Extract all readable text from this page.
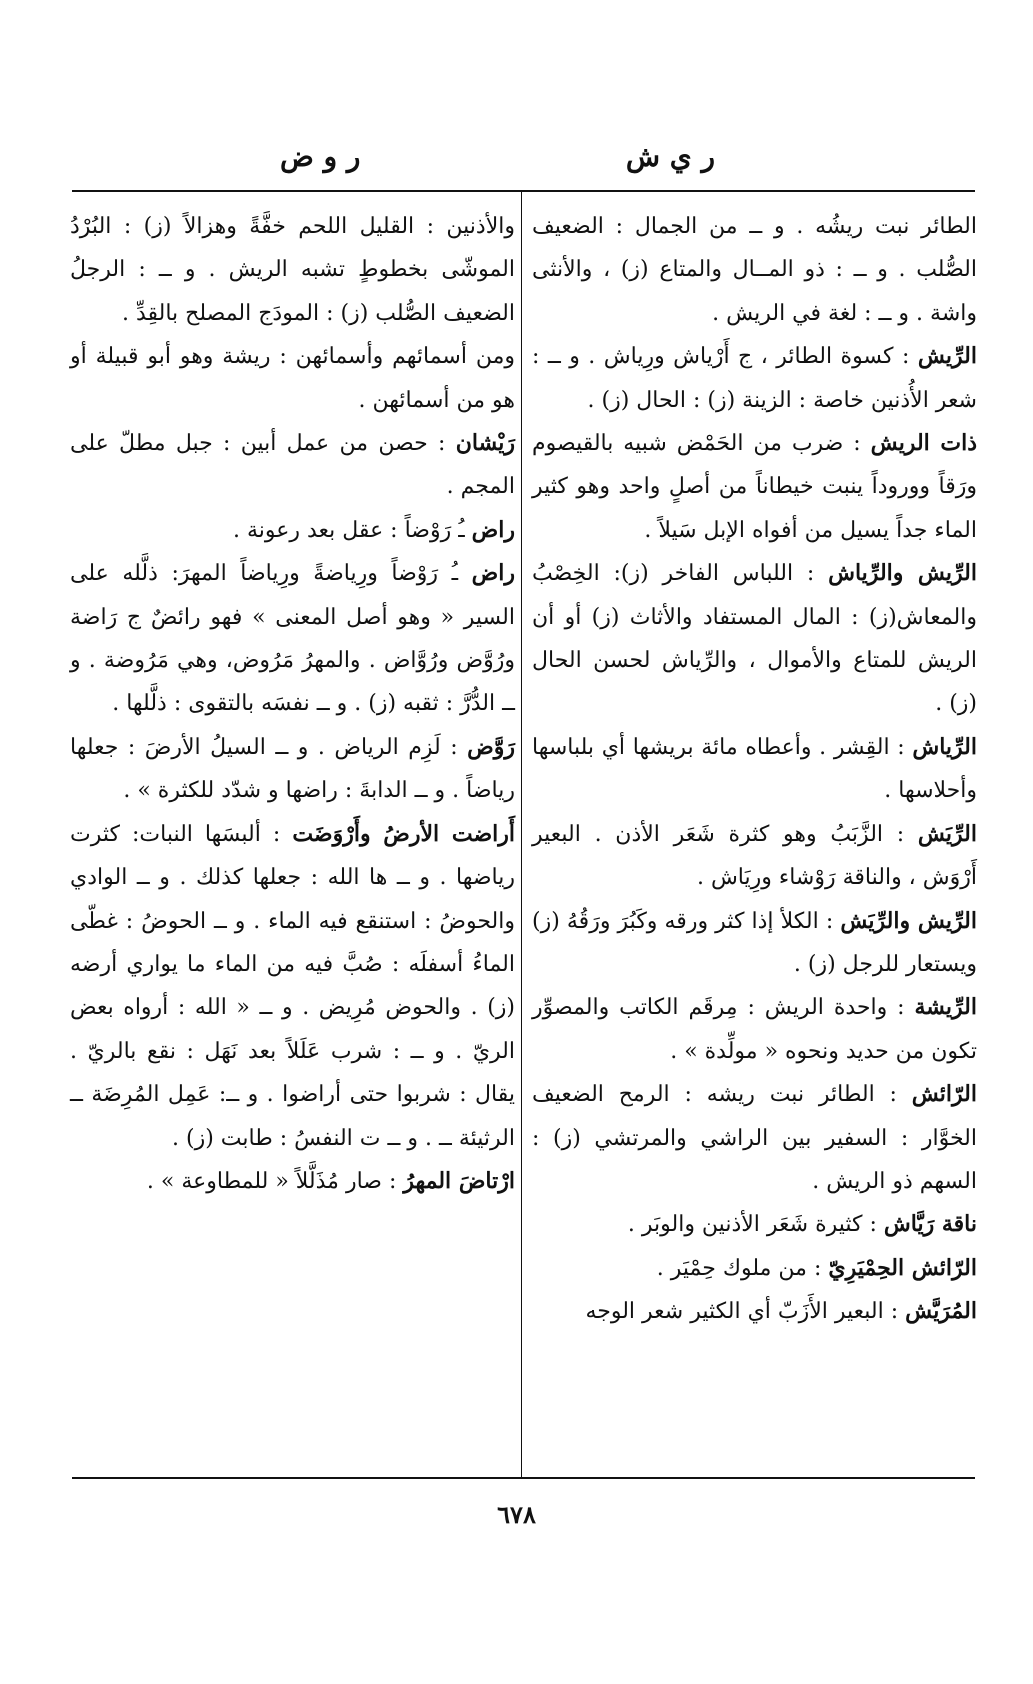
ر ي ش
ر و ض

الطائر نبت ريشُه . و ــ من الجمال : الضعيف الصُّلب . و ــ : ذو المــال والمتاع (ز) ، والأنثى واشة . و ــ : لغة في الريش .

الرِّيش : كسوة الطائر ، ج أَرْياش ورِياش . و ــ : شعر الأُذنين خاصة : الزينة (ز) : الحال (ز) .

ذات الريش : ضرب من الحَمْض شبيه بالقيصوم ورَقاً ووروداً ينبت خيطاناً من أصلٍ واحد وهو كثير الماء جداً يسيل من أفواه الإبل سَيلاً .

الرِّيش والرِّياش : اللباس الفاخر (ز): الخِصْبُ والمعاش(ز) : المال المستفاد والأثاث (ز) أو أن الريش للمتاع والأموال ، والرِّياش لحسن الحال (ز) .

الرِّياش : القِشر . وأعطاه مائة بريشها أي بلباسها وأحلاسها .

الرِّيَش : الزَّبَبُ وهو كثرة شَعَر الأذن . البعير أَرْوَش ، والناقة رَوْشاء ورِيَاش .

الرِّيش والرِّيَش : الكلأ إذا كثر ورقه وكَبُرَ ورَقُهُ (ز) ويستعار للرجل (ز) .

الرِّيشة : واحدة الريش : مِرقَم الكاتب والمصوِّر تكون من حديد ونحوه « مولِّدة » .

الرّائش : الطائر نبت ريشه : الرمح الضعيف الخوَّار : السفير بين الراشي والمرتشي (ز) : السهم ذو الريش .

ناقة رَيَّاش : كثيرة شَعَر الأذنين والوبَر .

الرّائش الحِمْيَرِيّ : من ملوك حِمْيَر .

المُرَيَّش : البعير الأَزَبّ أي الكثير شعر الوجه

والأذنين : القليل اللحم خفَّةً وهزالاً (ز) : البُرْدُ الموشّى بخطوطٍ تشبه الريش . و ــ : الرجلُ الضعيف الصُّلب (ز) : المودَج المصلح بالقِدِّ .

ومن أسمائهم وأسمائهن : ريشة وهو أبو قبيلة أو هو من أسمائهن .

رَيْشان : حصن من عمل أبين : جبل مطلّ على المجم .

راض ـُ رَوْضاً : عقل بعد رعونة .

راض ـُ رَوْضاً ورِياضةً ورِياضاً المهرَ: ذلَّله على السير « وهو أصل المعنى » فهو رائضٌ ج رَاضة ورُوَّض ورُوَّاض . والمهرُ مَرُوض، وهي مَرُوضة . و ــ الدُّرَّ : ثقبه (ز) . و ــ نفسَه بالتقوى : ذلَّلها .

رَوَّض : لَزِم الرياض . و ــ السيلُ الأرضَ : جعلها رياضاً . و ــ الدابةَ : راضها و شدّد للكثرة » .

أَراضت الأرضُ وأَرْوَضَت : ألبسَها النبات: كثرت رياضها . و ــ ها الله : جعلها كذلك . و ــ الوادي والحوضُ : استنقع فيه الماء . و ــ الحوضُ : غطّى الماءُ أسفلَه : صُبَّ فيه من الماء ما يواري أرضه (ز) . والحوض مُرِيض . و ــ « الله : أرواه بعض الريّ . و ــ : شرب عَلَلاً بعد نَهَل : نقع بالريّ . يقال : شربوا حتى أراضوا . و ــ: عَمِل المُرِضَة ــ الرثيئة ــ . و ــ ت النفسُ : طابت (ز) .

ارْتاضَ المهرُ : صار مُذَلَّلاً « للمطاوعة » .

٦٧٨
